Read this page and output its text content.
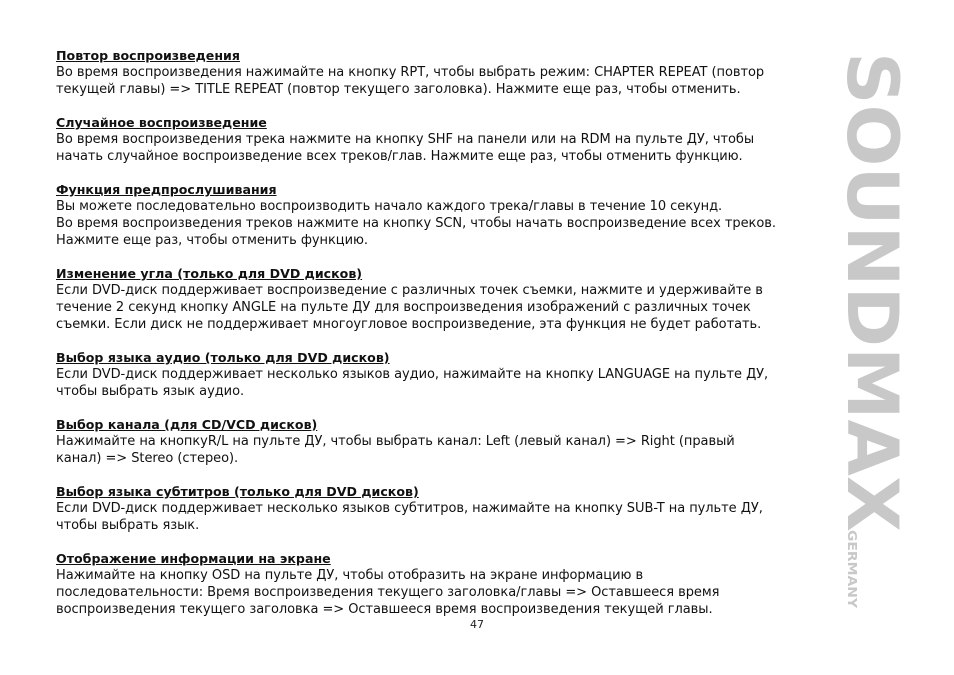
Повтор воспроизведения

Во время воспроизведения нажимайте на кнопку RPT, чтобы выбрать режим: CHAPTER REPEAT (повтор
текущей главы) => TITLE REPEAT (повтор текущего заголовка). Нажмите еще раз, чтобы отменить.

Случайное воспроизведение

Во время воспроизведения трека нажмите на кнопку SHF на панели или на RDM на пульте ДУ, чтобы
начать случайное воспроизведение всех треков/глав. Нажмите еще раз, чтобы отменить функцию.

Функция предпрослушивания

Вы можете последовательно воспроизводить начало каждого трека/главы в течение 10 секунд.
Во время воспроизведения треков нажмите на кнопку SCN, чтобы начать воспроизведение всех треков.
Нажмите еще раз, чтобы отменить функцию.

Изменение угла (только для DVD дисков)

Если DVD-диск поддерживает воспроизведение с различных точек съемки, нажмите и удерживайте в
течение 2 секунд кнопку ANGLE на пульте ДУ для воспроизведения изображений с различных точек
съемки. Если диск не поддерживает многоугловое воспроизведение, эта функция не будет работать.

Выбор языка аудио (только для DVD дисков)

Если DVD-диск поддерживает несколько языков аудио, нажимайте на кнопку LANGUAGE на пульте ДУ,
чтобы выбрать язык аудио.

Выбор канала (для CD/VCD дисков)

Нажимайте на кнопкуR/L на пульте ДУ, чтобы выбрать канал: Left (левый канал) => Right (правый
канал) => Stereo (стерео).

Выбор языка субтитров (только для DVD дисков)

Если DVD-диск поддерживает несколько языков субтитров, нажимайте на кнопку SUB-T на пульте ДУ,
чтобы выбрать язык.

Отображение информации на экране

Нажимайте на кнопку OSD на пульте ДУ, чтобы отобразить на экране информацию в
последовательности: Время воспроизведения текущего заголовка/главы => Оставшееся время
воспроизведения текущего заголовка => Оставшееся время воспроизведения текущей главы.

SOUNDMAX
GERMANY
47
